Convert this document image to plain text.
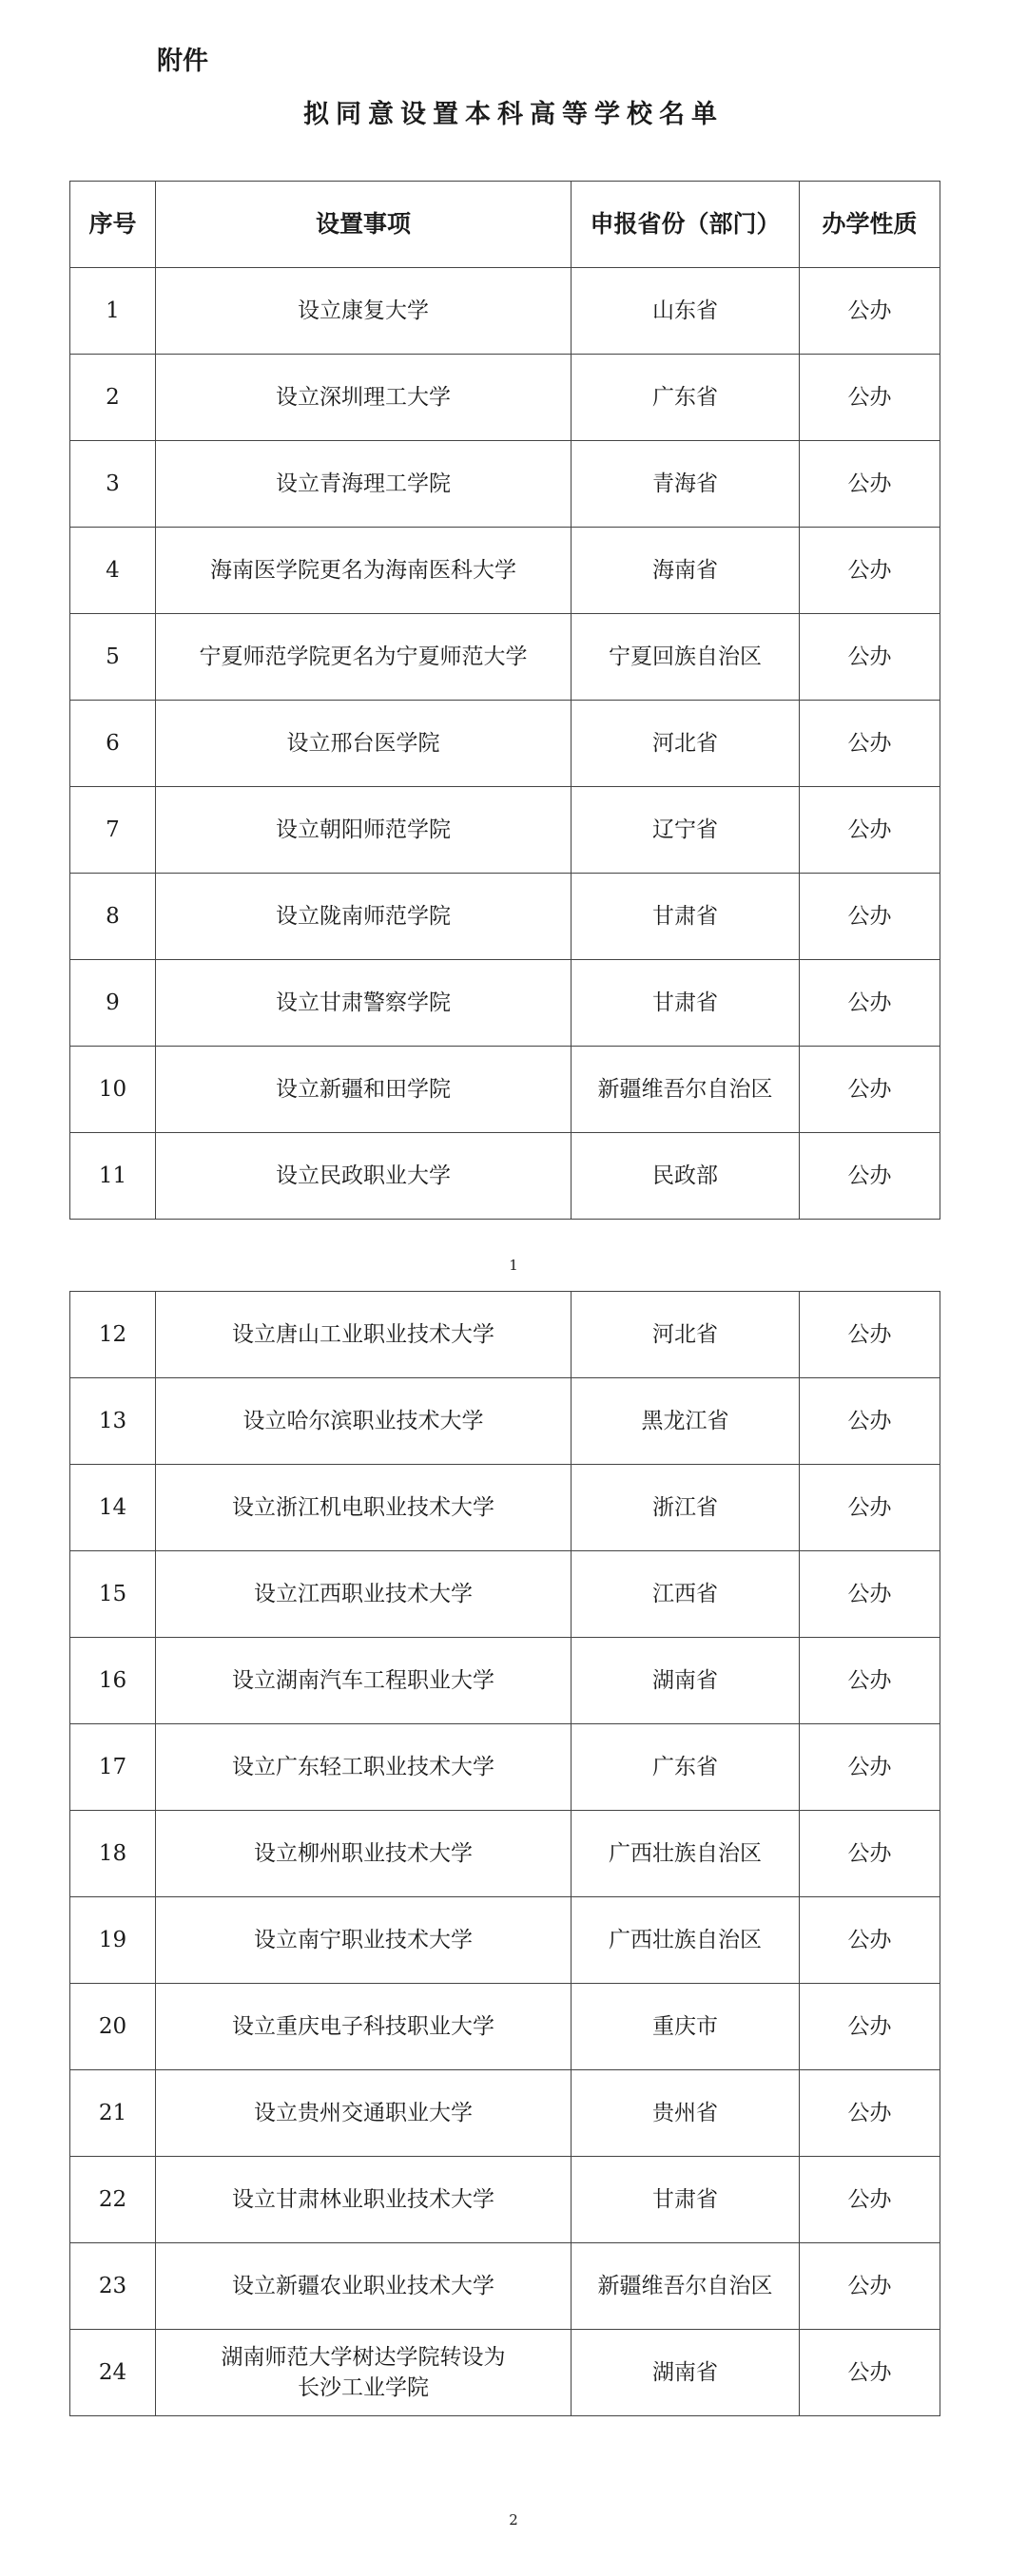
附件
拟同意设置本科高等学校名单
序号	设置事项	申报省份（部门）	办学性质
1	设立康复大学	山东省	公办
2	设立深圳理工大学	广东省	公办
3	设立青海理工学院	青海省	公办
4	海南医学院更名为海南医科大学	海南省	公办
5	宁夏师范学院更名为宁夏师范大学	宁夏回族自治区	公办
6	设立邢台医学院	河北省	公办
7	设立朝阳师范学院	辽宁省	公办
8	设立陇南师范学院	甘肃省	公办
9	设立甘肃警察学院	甘肃省	公办
10	设立新疆和田学院	新疆维吾尔自治区	公办
11	设立民政职业大学	民政部	公办
1
12	设立唐山工业职业技术大学	河北省	公办
13	设立哈尔滨职业技术大学	黑龙江省	公办
14	设立浙江机电职业技术大学	浙江省	公办
15	设立江西职业技术大学	江西省	公办
16	设立湖南汽车工程职业大学	湖南省	公办
17	设立广东轻工职业技术大学	广东省	公办
18	设立柳州职业技术大学	广西壮族自治区	公办
19	设立南宁职业技术大学	广西壮族自治区	公办
20	设立重庆电子科技职业大学	重庆市	公办
21	设立贵州交通职业大学	贵州省	公办
22	设立甘肃林业职业技术大学	甘肃省	公办
23	设立新疆农业职业技术大学	新疆维吾尔自治区	公办
24	湖南师范大学树达学院转设为
长沙工业学院	湖南省	公办
2
